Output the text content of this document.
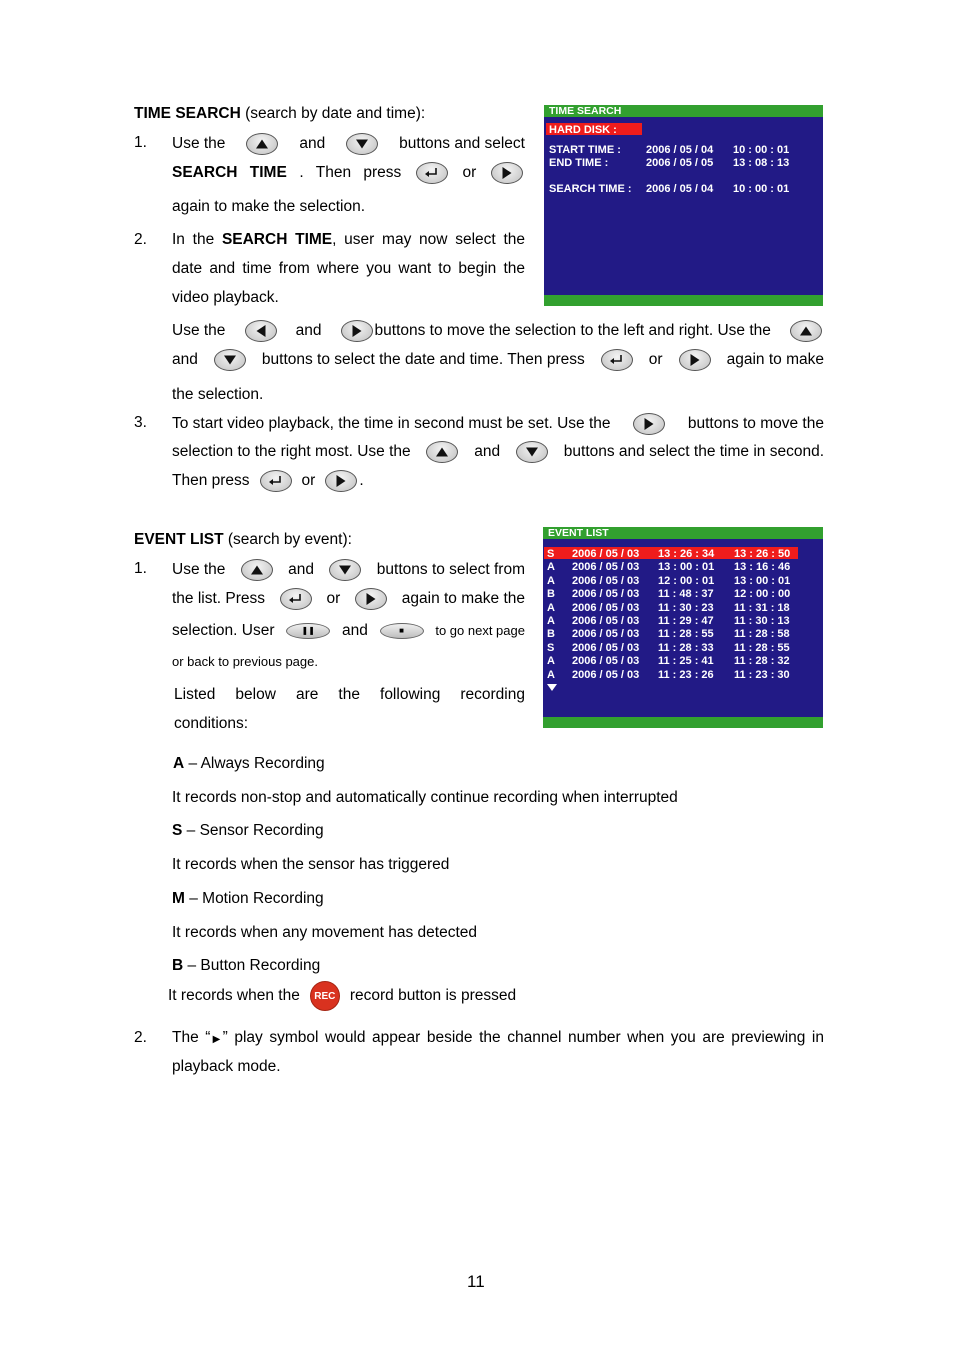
TIME SEARCH (search by date and time):
1. Use the	and	buttons and select
SEARCH TIME . Then press	or
again to make the selection.
2. In the SEARCH TIME, user may now select the
date and time from where you want to begin the
video playback.
Use the	and	buttons to move the selection to the left and right. Use the
and	buttons to select the date and time. Then press	or	again to make
the selection.
3. To start video playback, the time in second must be set. Use the	buttons to move the
selection to the right most. Use the	and	buttons and select the time in second.
Then press	or	.
TIME SEARCH
HARD DISK :
START TIME : 2006 / 05 / 04 10 : 00 : 01
END TIME :	2006 / 05 / 05 13 : 08 : 13
SEARCH TIME : 2006 / 05 / 04 10 : 00 : 01
EVENT LIST (search by event):
1. Use the	and	buttons to select from
the list. Press	or	again to make the
selection. User	❚❚ and	■ to go next page
or back to previous page.
Listed below are the following recording
conditions:
A – Always Recording
It records non-stop and automatically continue recording when interrupted
S – Sensor Recording
It records when the sensor has triggered
M – Motion Recording
It records when any movement has detected
B – Button Recording
It records when the	REC record button is pressed
2. The “▶” play symbol would appear beside the channel number when you are previewing in
playback mode.
EVENT LIST
S 2006 / 05 / 03 13 : 26 : 34 13 : 26 : 50
A 2006 / 05 / 03 13 : 00 : 01 13 : 16 : 46
A 2006 / 05 / 03 12 : 00 : 01 13 : 00 : 01
B 2006 / 05 / 03 11 : 48 : 37 12 : 00 : 00
A 2006 / 05 / 03 11 : 30 : 23 11 : 31 : 18
A 2006 / 05 / 03 11 : 29 : 47 11 : 30 : 13
B 2006 / 05 / 03 11 : 28 : 55 11 : 28 : 58
S 2006 / 05 / 03 11 : 28 : 33 11 : 28 : 55
A 2006 / 05 / 03 11 : 25 : 41 11 : 28 : 32
A 2006 / 05 / 03 11 : 23 : 26 11 : 23 : 30
11
